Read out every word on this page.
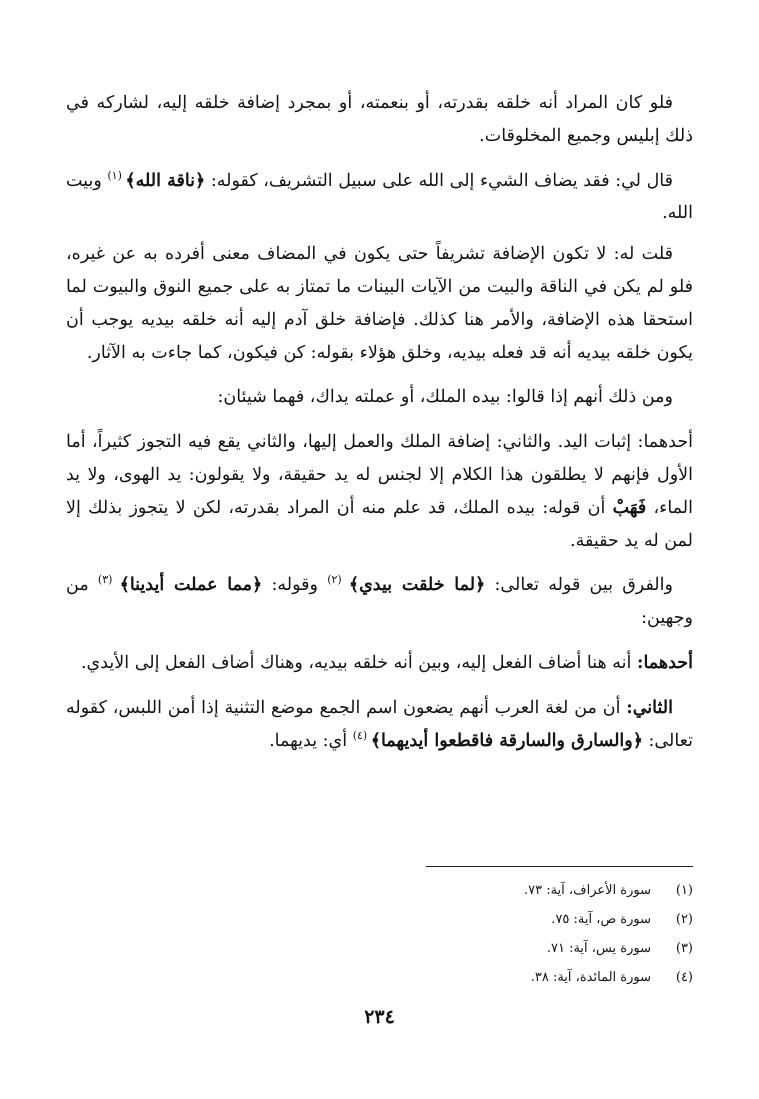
فلو كان المراد أنه خلقه بقدرته، أو بنعمته، أو بمجرد إضافة خلقه إليه، لشاركه في ذلك إبليس وجميع المخلوقات.
قال لي: فقد يضاف الشيء إلى الله على سبيل التشريف، كقوله: ﴿ناقة الله﴾ $^{(١)}$ وبيت الله.
قلت له: لا تكون الإضافة تشريفاً حتى يكون في المضاف معنى أفرده به عن غيره، فلو لم يكن في الناقة والبيت من الآيات البينات ما تمتاز به على جميع النوق والبيوت لما استحقا هذه الإضافة، والأمر هنا كذلك. فإضافة خلق آدم إليه أنه خلقه بيديه يوجب أن يكون خلقه بيديه أنه قد فعله بيديه، وخلق هؤلاء بقوله: كن فيكون، كما جاءت به الآثار.
ومن ذلك أنهم إذا قالوا: بيده الملك، أو عملته يداك، فهما شيئان:
أحدهما: إثبات اليد. والثاني: إضافة الملك والعمل إليها، والثاني يقع فيه التجوز كثيراً، أما الأول فإنهم لا يطلقون هذا الكلام إلا لجنس له يد حقيقة، ولا يقولون: يد الهوى، ولا يد الماء، فَهَبْ أن قوله: بيده الملك، قد علم منه أن المراد بقدرته، لكن لا يتجوز بذلك إلا لمن له يد حقيقة.
والفرق بين قوله تعالى: ﴿لما خلقت بيدي﴾ $^{(٢)}$ وقوله: ﴿مما عملت أيدينا﴾ $^{(٣)}$ من وجهين:
أحدهما: أنه هنا أضاف الفعل إليه، وبين أنه خلقه بيديه، وهناك أضاف الفعل إلى الأيدي.
الثاني: أن من لغة العرب أنهم يضعون اسم الجمع موضع التثنية إذا أمن اللبس، كقوله تعالى: ﴿والسارق والسارقة فاقطعوا أيديهما﴾ $^{(٤)}$ أي: يديهما.
(١)
سورة الأعراف، آية: ٧٣.
(٢)
سورة ص، آية: ٧٥.
(٣)
سورة يس، آية: ٧١.
(٤)
سورة المائدة، آية: ٣٨.
٢٣٤
